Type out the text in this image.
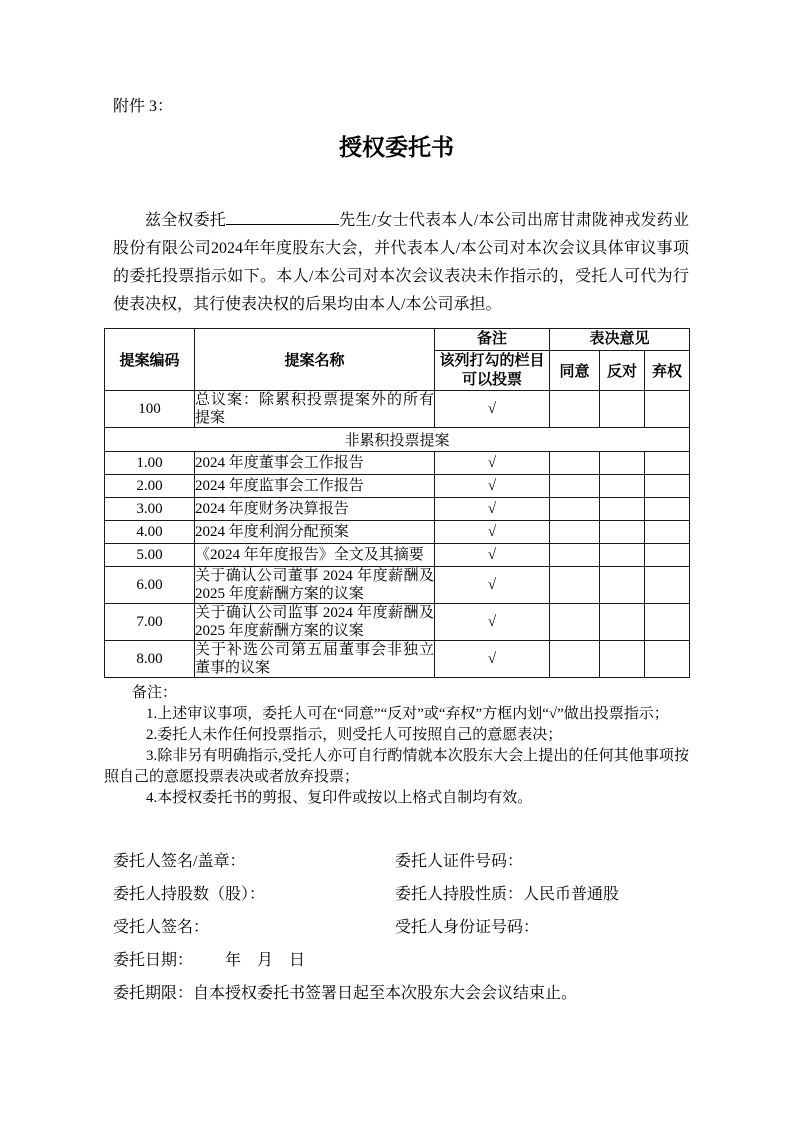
附件 3：
授权委托书

兹全权委托	先生/女士代表本人/本公司出席甘肃陇神戎发药业股份有限公司2024年年度股东大会，并代表本人/本公司对本次会议具体审议事项的委托投票指示如下。本人/本公司对本次会议表决未作指示的，受托人可代为行使表决权，其行使表决权的后果均由本人/本公司承担。

提案编码	提案名称	备注	表决意见		
		该列打勾的栏目可以投票	同意	反对	弃权
100	总议案：除累积投票提案外的所有提案	√			
非累积投票提案					
1.00	2024 年度董事会工作报告	√			
2.00	2024 年度监事会工作报告	√			
3.00	2024 年度财务决算报告	√			
4.00	2024 年度利润分配预案	√			
5.00	《2024 年年度报告》全文及其摘要	√			
6.00	关于确认公司董事 2024 年度薪酬及 2025 年度薪酬方案的议案	√			
7.00	关于确认公司监事 2024 年度薪酬及 2025 年度薪酬方案的议案	√			
8.00	关于补选公司第五届董事会非独立董事的议案	√			

备注：

1.上述审议事项，委托人可在“同意”“反对”或“弃权”方框内划“√”做出投票指示；

2.委托人未作任何投票指示，则受托人可按照自己的意愿表决；

3.除非另有明确指示,受托人亦可自行酌情就本次股东大会上提出的任何其他事项按照自己的意愿投票表决或者放弃投票；

4.本授权委托书的剪报、复印件或按以上格式自制均有效。

委托人签名/盖章：	委托人证件号码：
委托人持股数（股）：	委托人持股性质：人民币普通股
受托人签名：	受托人身份证号码：
委托日期：        年    月    日
委托期限：自本授权委托书签署日起至本次股东大会会议结束止。
